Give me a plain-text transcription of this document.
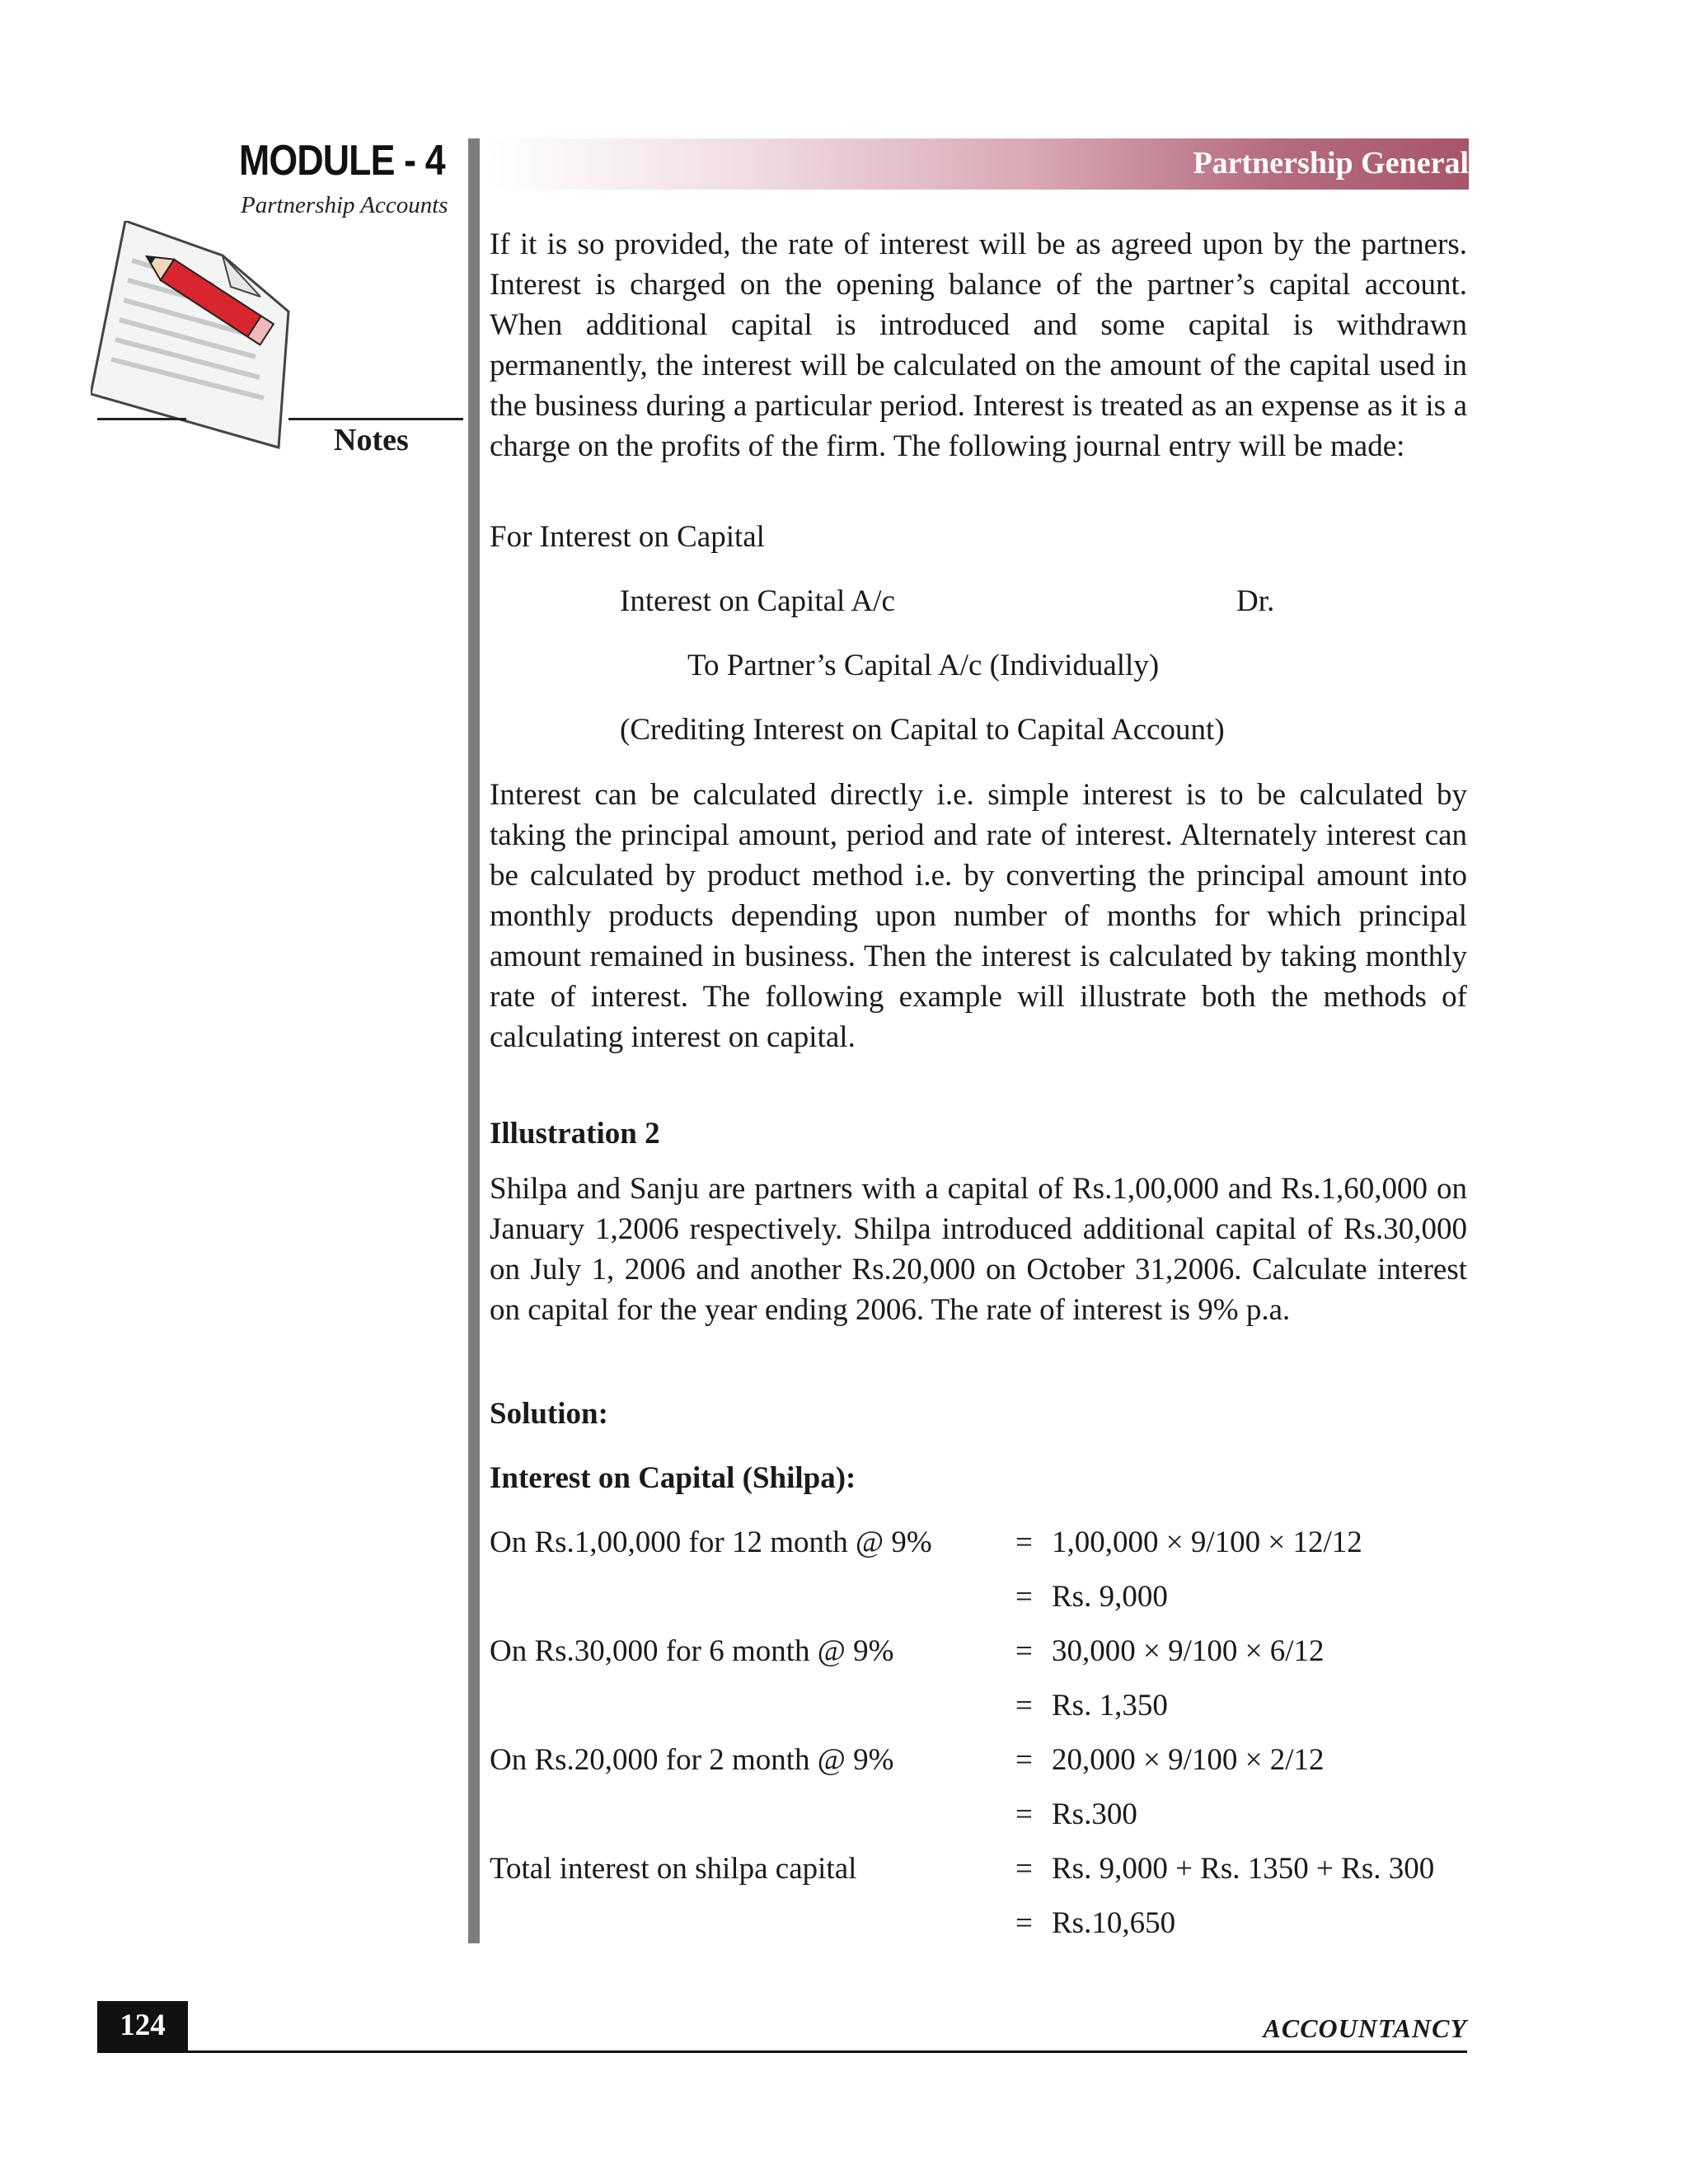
MODULE - 4
Partnership Accounts
Notes
Partnership General
If it is so provided, the rate of interest will be as agreed upon by the partners. Interest is charged on the opening balance of the partner’s capital account. When additional capital is introduced and some capital is withdrawn permanently, the interest will be calculated on the amount of the capital used in the business during a particular period. Interest is treated as an expense as it is a charge on the profits of the firm. The following journal entry will be made:
For Interest on Capital
Interest on Capital A/c	Dr.
To Partner’s Capital A/c (Individually)
(Crediting Interest on Capital to Capital Account)
Interest can be calculated directly i.e. simple interest is to be calculated by taking the principal amount, period and rate of interest. Alternately interest can be calculated by product method i.e. by converting the principal amount into monthly products depending upon number of months for which principal amount remained in business. Then the interest is calculated by taking monthly rate of interest. The following example will illustrate both the methods of calculating interest on capital.
Illustration 2
Shilpa and Sanju are partners with a capital of Rs.1,00,000 and Rs.1,60,000 on January 1,2006 respectively. Shilpa introduced additional capital of Rs.30,000 on July 1, 2006 and another Rs.20,000 on October 31,2006. Calculate interest on capital for the year ending 2006. The rate of interest is 9% p.a.
Solution:
Interest on Capital (Shilpa):
On Rs.1,00,000 for 12 month @ 9%	= 1,00,000 × 9/100 × 12/12
= Rs. 9,000
On Rs.30,000 for 6 month @ 9%	= 30,000 × 9/100 × 6/12
= Rs. 1,350
On Rs.20,000 for 2 month @ 9%	= 20,000 × 9/100 × 2/12
= Rs.300
Total interest on shilpa capital	= Rs. 9,000 + Rs. 1350 + Rs. 300
= Rs.10,650
124	ACCOUNTANCY
